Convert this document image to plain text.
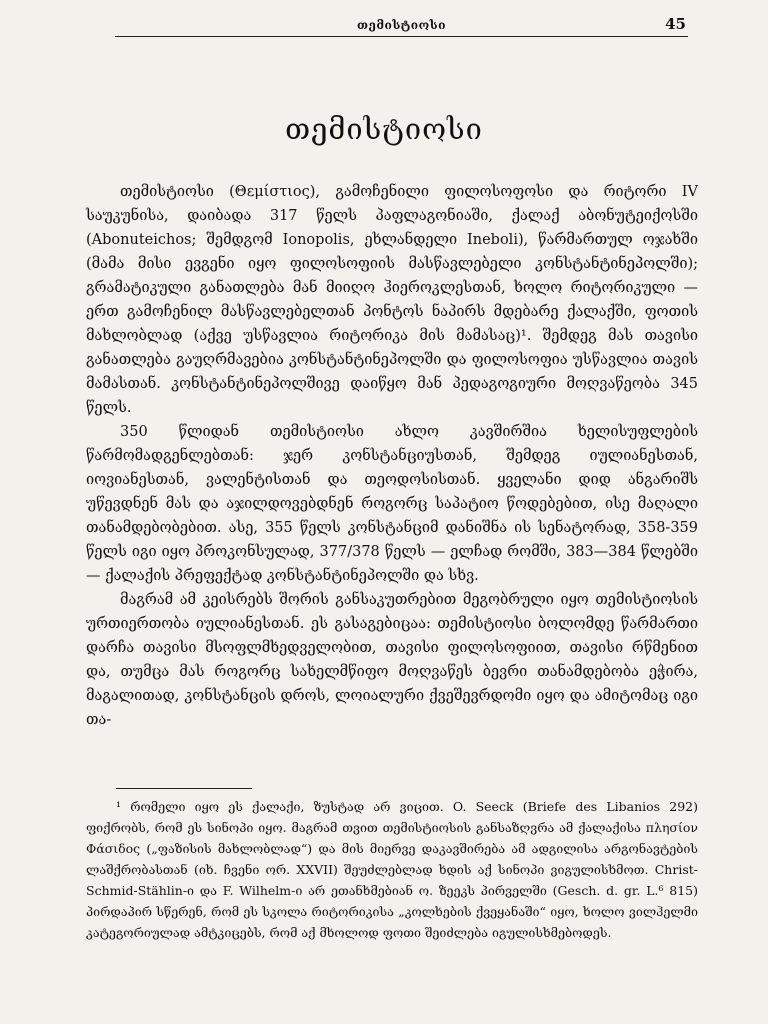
თემისტიოსი	45
თემისტიოსი

თემისტიოსი (Θεμίστιος), გამოჩენილი ფილოსოფოსი და რიტორი IV საუკუნისა, დაიბადა 317 წელს პაფლაგონიაში, ქალაქ აბონუტეიქოსში (Abonuteichos; შემდგომ Ionopolis, ეხლანდელი Ineboli), წარმართულ ოჯახში (მამა მისი ევგენი იყო ფილოსოფიის მასწავლებელი კონსტანტინეპოლში); გრამატიკული განათლება მან მიიღო ჰიეროკლესთან, ხოლო რიტორიკული — ერთ გამოჩენილ მასწავლებელთან პონტოს ნაპირს მდებარე ქალაქში, ფოთის მახლობლად (აქვე უსწავლია რიტორიკა მის მამასაც)¹. შემდეგ მას თავისი განათლება გაუღრმავებია კონსტანტინეპოლში და ფილოსოფია უსწავლია თავის მამასთან. კონსტანტინეპოლშივე დაიწყო მან პედაგოგიური მოღვაწეობა 345 წელს.

350 წლიდან თემისტიოსი ახლო კავშირშია ხელისუფლების წარმომადგენლებთან: ჯერ კონსტანციუსთან, შემდეგ იულიანესთან, იოვიანესთან, ვალენტისთან და თეოდოსისთან. ყველანი დიდ ანგარიშს უწევდნენ მას და აჯილდოვებდნენ როგორც საპატიო წოდებებით, ისე მაღალი თანამდებობებით. ასე, 355 წელს კონსტანციმ დანიშნა ის სენატორად, 358-359 წელს იგი იყო პროკონსულად, 377/378 წელს — ელჩად რომში, 383—384 წლებში — ქალაქის პრეფექტად კონსტანტინეპოლში და სხვ.

მაგრამ ამ კეისრებს შორის განსაკუთრებით მეგობრული იყო თემისტიოსის ურთიერთობა იულიანესთან. ეს გასაგებიცაა: თემისტიოსი ბოლომდე წარმართი დარჩა თავისი მსოფლმხედველობით, თავისი ფილოსოფიით, თავისი რწმენით და, თუმცა მას როგორც სახელმწიფო მოღვაწეს ბევრი თანამდებობა ეჭირა, მაგალითად, კონსტანცის დროს, ლოიალური ქვეშევრდომი იყო და ამიტომაც იგი თა-

¹ რომელი იყო ეს ქალაქი, ზუსტად არ ვიცით. O. Seeck (Briefe des Libanios 292) ფიქრობს, რომ ეს სინოპი იყო. მაგრამ თვით თემისტიოსის განსაზღვრა ამ ქალაქისა πλησίον Φάσιδος („ფაზისის მახლობლად“) და მის მიერვე დაკავშირება ამ ადგილისა არგონავტების ლაშქრობასთან (იხ. ჩვენი ორ. XXVII) შეუძლებლად ხდის აქ სინოპი ვიგულისხმოთ. Christ-Schmid-Stählin-ი და F. Wilhelm-ი არ ეთანხმებიან ო. ზეეკს პირველში (Gesch. d. gr. L.⁶ 815) პირდაპირ სწერენ, რომ ეს სკოლა რიტორიკისა „კოლხების ქვეყანაში“ იყო, ხოლო ვილჰელმი კატეგორიულად ამტკიცებს, რომ აქ მხოლოდ ფოთი შეიძლება იგულისხმებოდეს.
